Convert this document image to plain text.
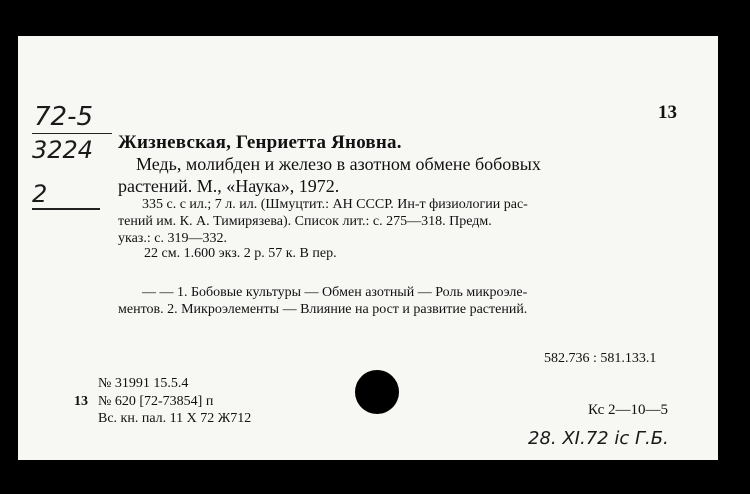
72-5
3224
2
13
Жизневская, Генриетта Яновна.
Медь, молибден и железо в азотном обмене бобовых
растений. М., «Наука», 1972.
335 с. с ил.; 7 л. ил. (Шмуцтит.: АН СССР. Ин-т физиологии рас-
тений им. К. А. Тимирязева). Список лит.: с. 275—318. Предм.
указ.: с. 319—332.
22 см. 1.600 экз. 2 р. 57 к. В пер.
— — 1. Бобовые культуры — Обмен азотный — Роль микроэле-
ментов. 2. Микроэлементы — Влияние на рост и развитие растений.
582.736 : 581.133.1
№ 31991 15.5.4
13 № 620 [72-73854] п
Вс. кн. пал. 11 X 72 Ж712
Кс 2—10—5
28. XI.72 ic Г.Б.
